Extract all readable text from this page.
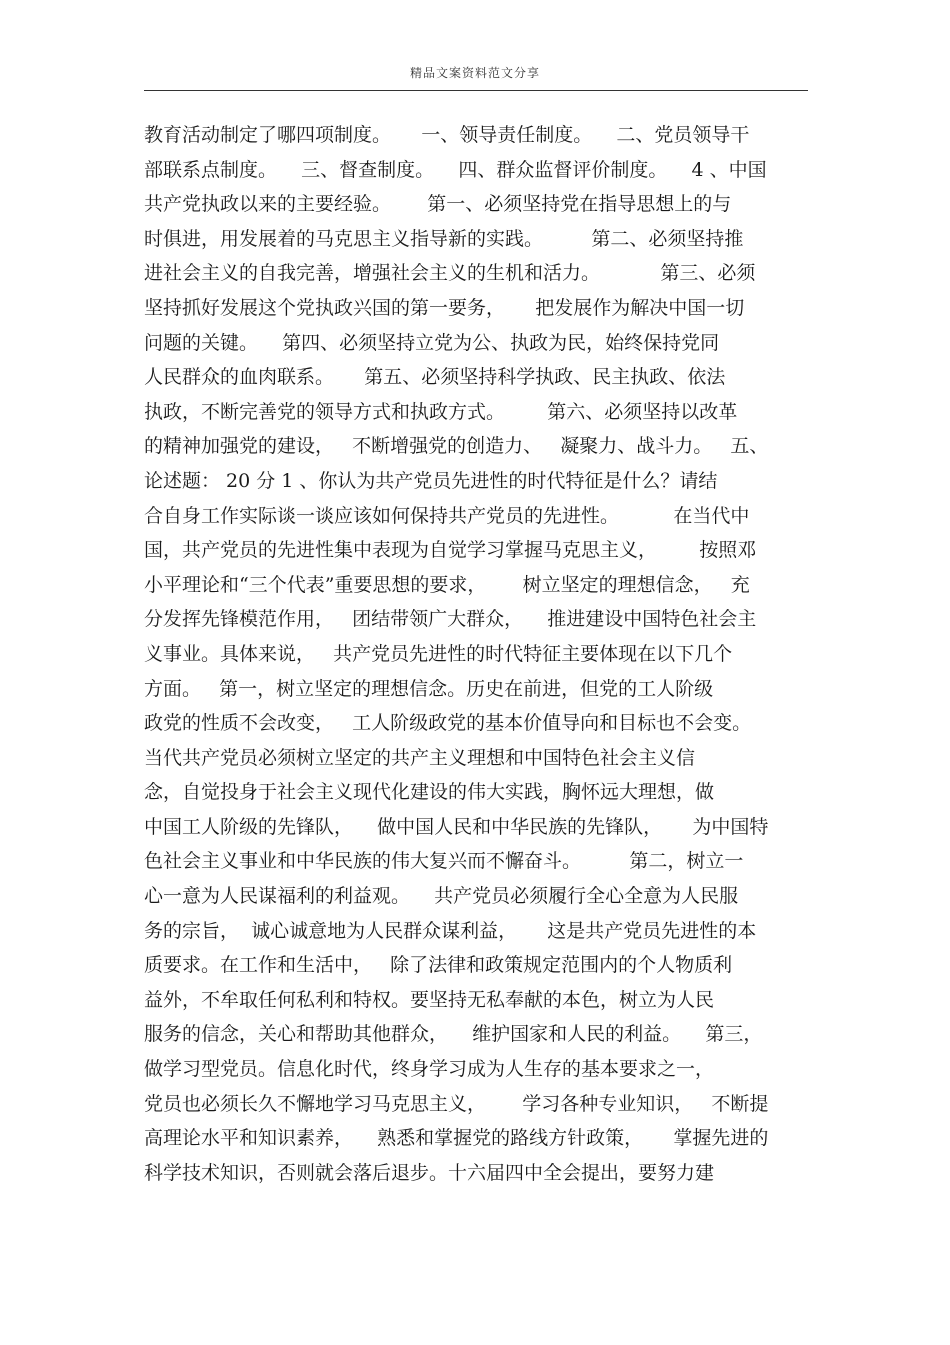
精品文案资料范文分享
教育活动制定了哪四项制度。     一、领导责任制度。    二、党员领导干
部联系点制度。    三、督查制度。    四、群众监督评价制度。    4 、中国
共产党执政以来的主要经验。      第一、必须坚持党在指导思想上的与
时俱进，用发展着的马克思主义指导新的实践。        第二、必须坚持推
进社会主义的自我完善，增强社会主义的生机和活力。          第三、必须
坚持抓好发展这个党执政兴国的第一要务，     把发展作为解决中国一切
问题的关键。    第四、必须坚持立党为公、执政为民，始终保持党同
人民群众的血肉联系。     第五、必须坚持科学执政、民主执政、依法
执政，不断完善党的领导方式和执政方式。       第六、必须坚持以改革
的精神加强党的建设，   不断增强党的创造力、   凝聚力、战斗力。   五、
论述题： 20 分 1 、你认为共产党员先进性的时代特征是什么？请结
合自身工作实际谈一谈应该如何保持共产党员的先进性。         在当代中
国，共产党员的先进性集中表现为自觉学习掌握马克思主义，       按照邓
小平理论和“三个代表”重要思想的要求，      树立坚定的理想信念，   充
分发挥先锋模范作用，   团结带领广大群众，    推进建设中国特色社会主
义事业。具体来说，   共产党员先进性的时代特征主要体现在以下几个
方面。   第一，树立坚定的理想信念。历史在前进，但党的工人阶级
政党的性质不会改变，   工人阶级政党的基本价值导向和目标也不会变。
当代共产党员必须树立坚定的共产主义理想和中国特色社会主义信
念，自觉投身于社会主义现代化建设的伟大实践，胸怀远大理想，做
中国工人阶级的先锋队，    做中国人民和中华民族的先锋队，     为中国特
色社会主义事业和中华民族的伟大复兴而不懈奋斗。        第二，树立一
心一意为人民谋福利的利益观。    共产党员必须履行全心全意为人民服
务的宗旨，  诚心诚意地为人民群众谋利益，     这是共产党员先进性的本
质要求。在工作和生活中，   除了法律和政策规定范围内的个人物质利
益外，不牟取任何私利和特权。要坚持无私奉献的本色，树立为人民
服务的信念，关心和帮助其他群众，    维护国家和人民的利益。    第三，
做学习型党员。信息化时代，终身学习成为人生存的基本要求之一，
党员也必须长久不懈地学习马克思主义，      学习各种专业知识，   不断提
高理论水平和知识素养，    熟悉和掌握党的路线方针政策，     掌握先进的
科学技术知识，否则就会落后退步。十六届四中全会提出，要努力建
